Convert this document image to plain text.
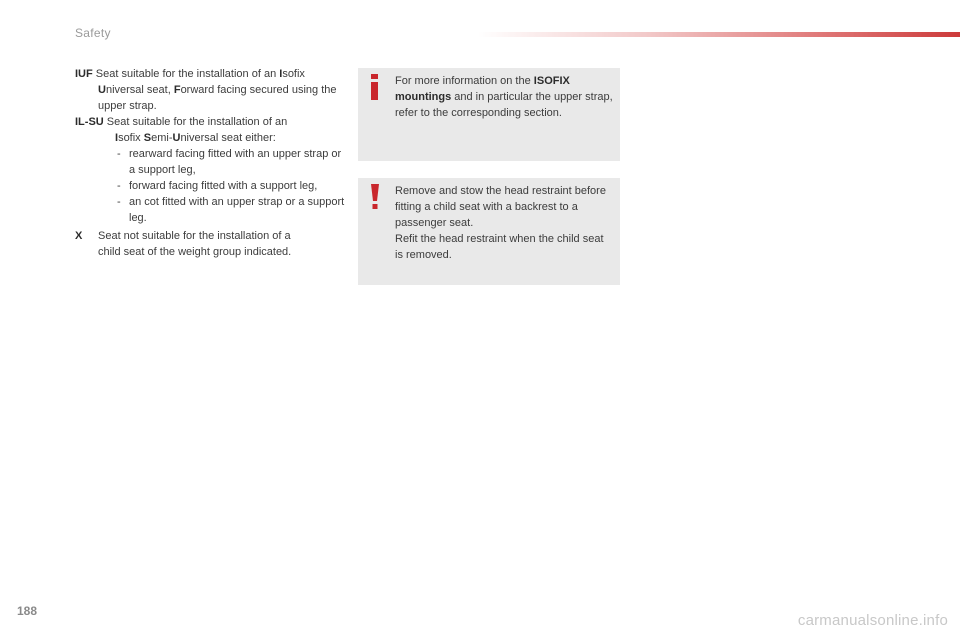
Safety
IUF Seat suitable for the installation of an Isofix
Universal seat, Forward facing secured using the upper strap.
IL-SU Seat suitable for the installation of an
Isofix Semi-Universal seat either:
- rearward facing fitted with an upper strap or a support leg,
- forward facing fitted with a support leg,
- an cot fitted with an upper strap or a support leg.
X Seat not suitable for the installation of a
child seat of the weight group indicated.

For more information on the ISOFIX
mountings and in particular the upper strap, refer to the corresponding section.

Remove and stow the head restraint before fitting a child seat with a backrest to a passenger seat.

Refit the head restraint when the child seat is removed.

188
carmanualsonline.info
